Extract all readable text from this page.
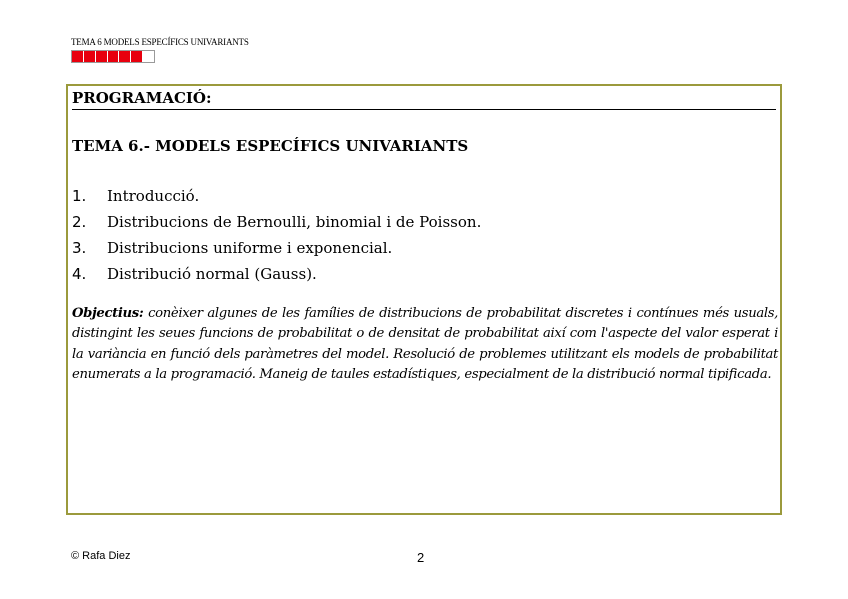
TEMA 6 MODELS ESPECÍFICS UNIVARIANTS
PROGRAMACIÓ:
TEMA 6.- MODELS ESPECÍFICS UNIVARIANTS
1.	Introducció.
2.	Distribucions de Bernoulli, binomial i de Poisson.
3.	Distribucions uniforme i exponencial.
4.	Distribució normal (Gauss).

Objectius: conèixer algunes de les famílies de distribucions de probabilitat discretes i contínues més usuals, distingint les seues funcions de probabilitat o de densitat de probabilitat així com l'aspecte del valor esperat i la variància en funció dels paràmetres del model. Resolució de problemes utilitzant els models de probabilitat enumerats a la programació. Maneig de taules estadístiques, especialment de la distribució normal tipificada.

© Rafa Diez	2
